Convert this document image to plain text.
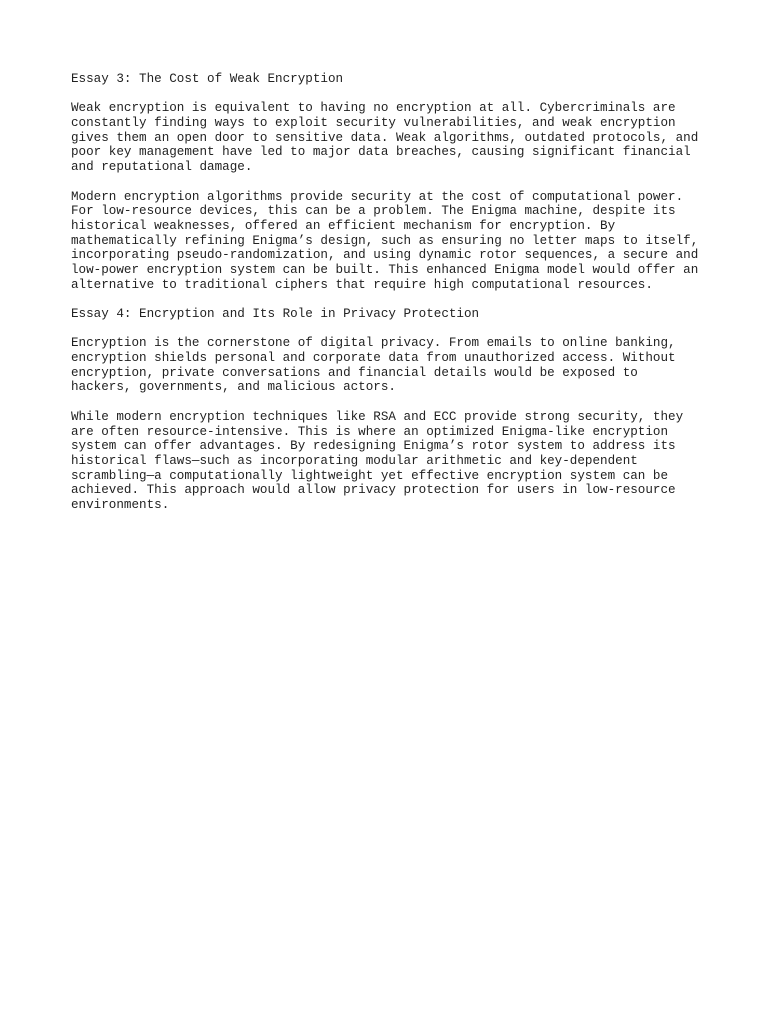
Essay 3: The Cost of Weak Encryption
Weak encryption is equivalent to having no encryption at all. Cybercriminals are
constantly finding ways to exploit security vulnerabilities, and weak encryption
gives them an open door to sensitive data. Weak algorithms, outdated protocols, and
poor key management have led to major data breaches, causing significant financial
and reputational damage.
Modern encryption algorithms provide security at the cost of computational power.
For low-resource devices, this can be a problem. The Enigma machine, despite its
historical weaknesses, offered an efficient mechanism for encryption. By
mathematically refining Enigma’s design, such as ensuring no letter maps to itself,
incorporating pseudo-randomization, and using dynamic rotor sequences, a secure and
low-power encryption system can be built. This enhanced Enigma model would offer an
alternative to traditional ciphers that require high computational resources.
Essay 4: Encryption and Its Role in Privacy Protection
Encryption is the cornerstone of digital privacy. From emails to online banking,
encryption shields personal and corporate data from unauthorized access. Without
encryption, private conversations and financial details would be exposed to
hackers, governments, and malicious actors.
While modern encryption techniques like RSA and ECC provide strong security, they
are often resource-intensive. This is where an optimized Enigma-like encryption
system can offer advantages. By redesigning Enigma’s rotor system to address its
historical flaws—such as incorporating modular arithmetic and key-dependent
scrambling—a computationally lightweight yet effective encryption system can be
achieved. This approach would allow privacy protection for users in low-resource
environments.
